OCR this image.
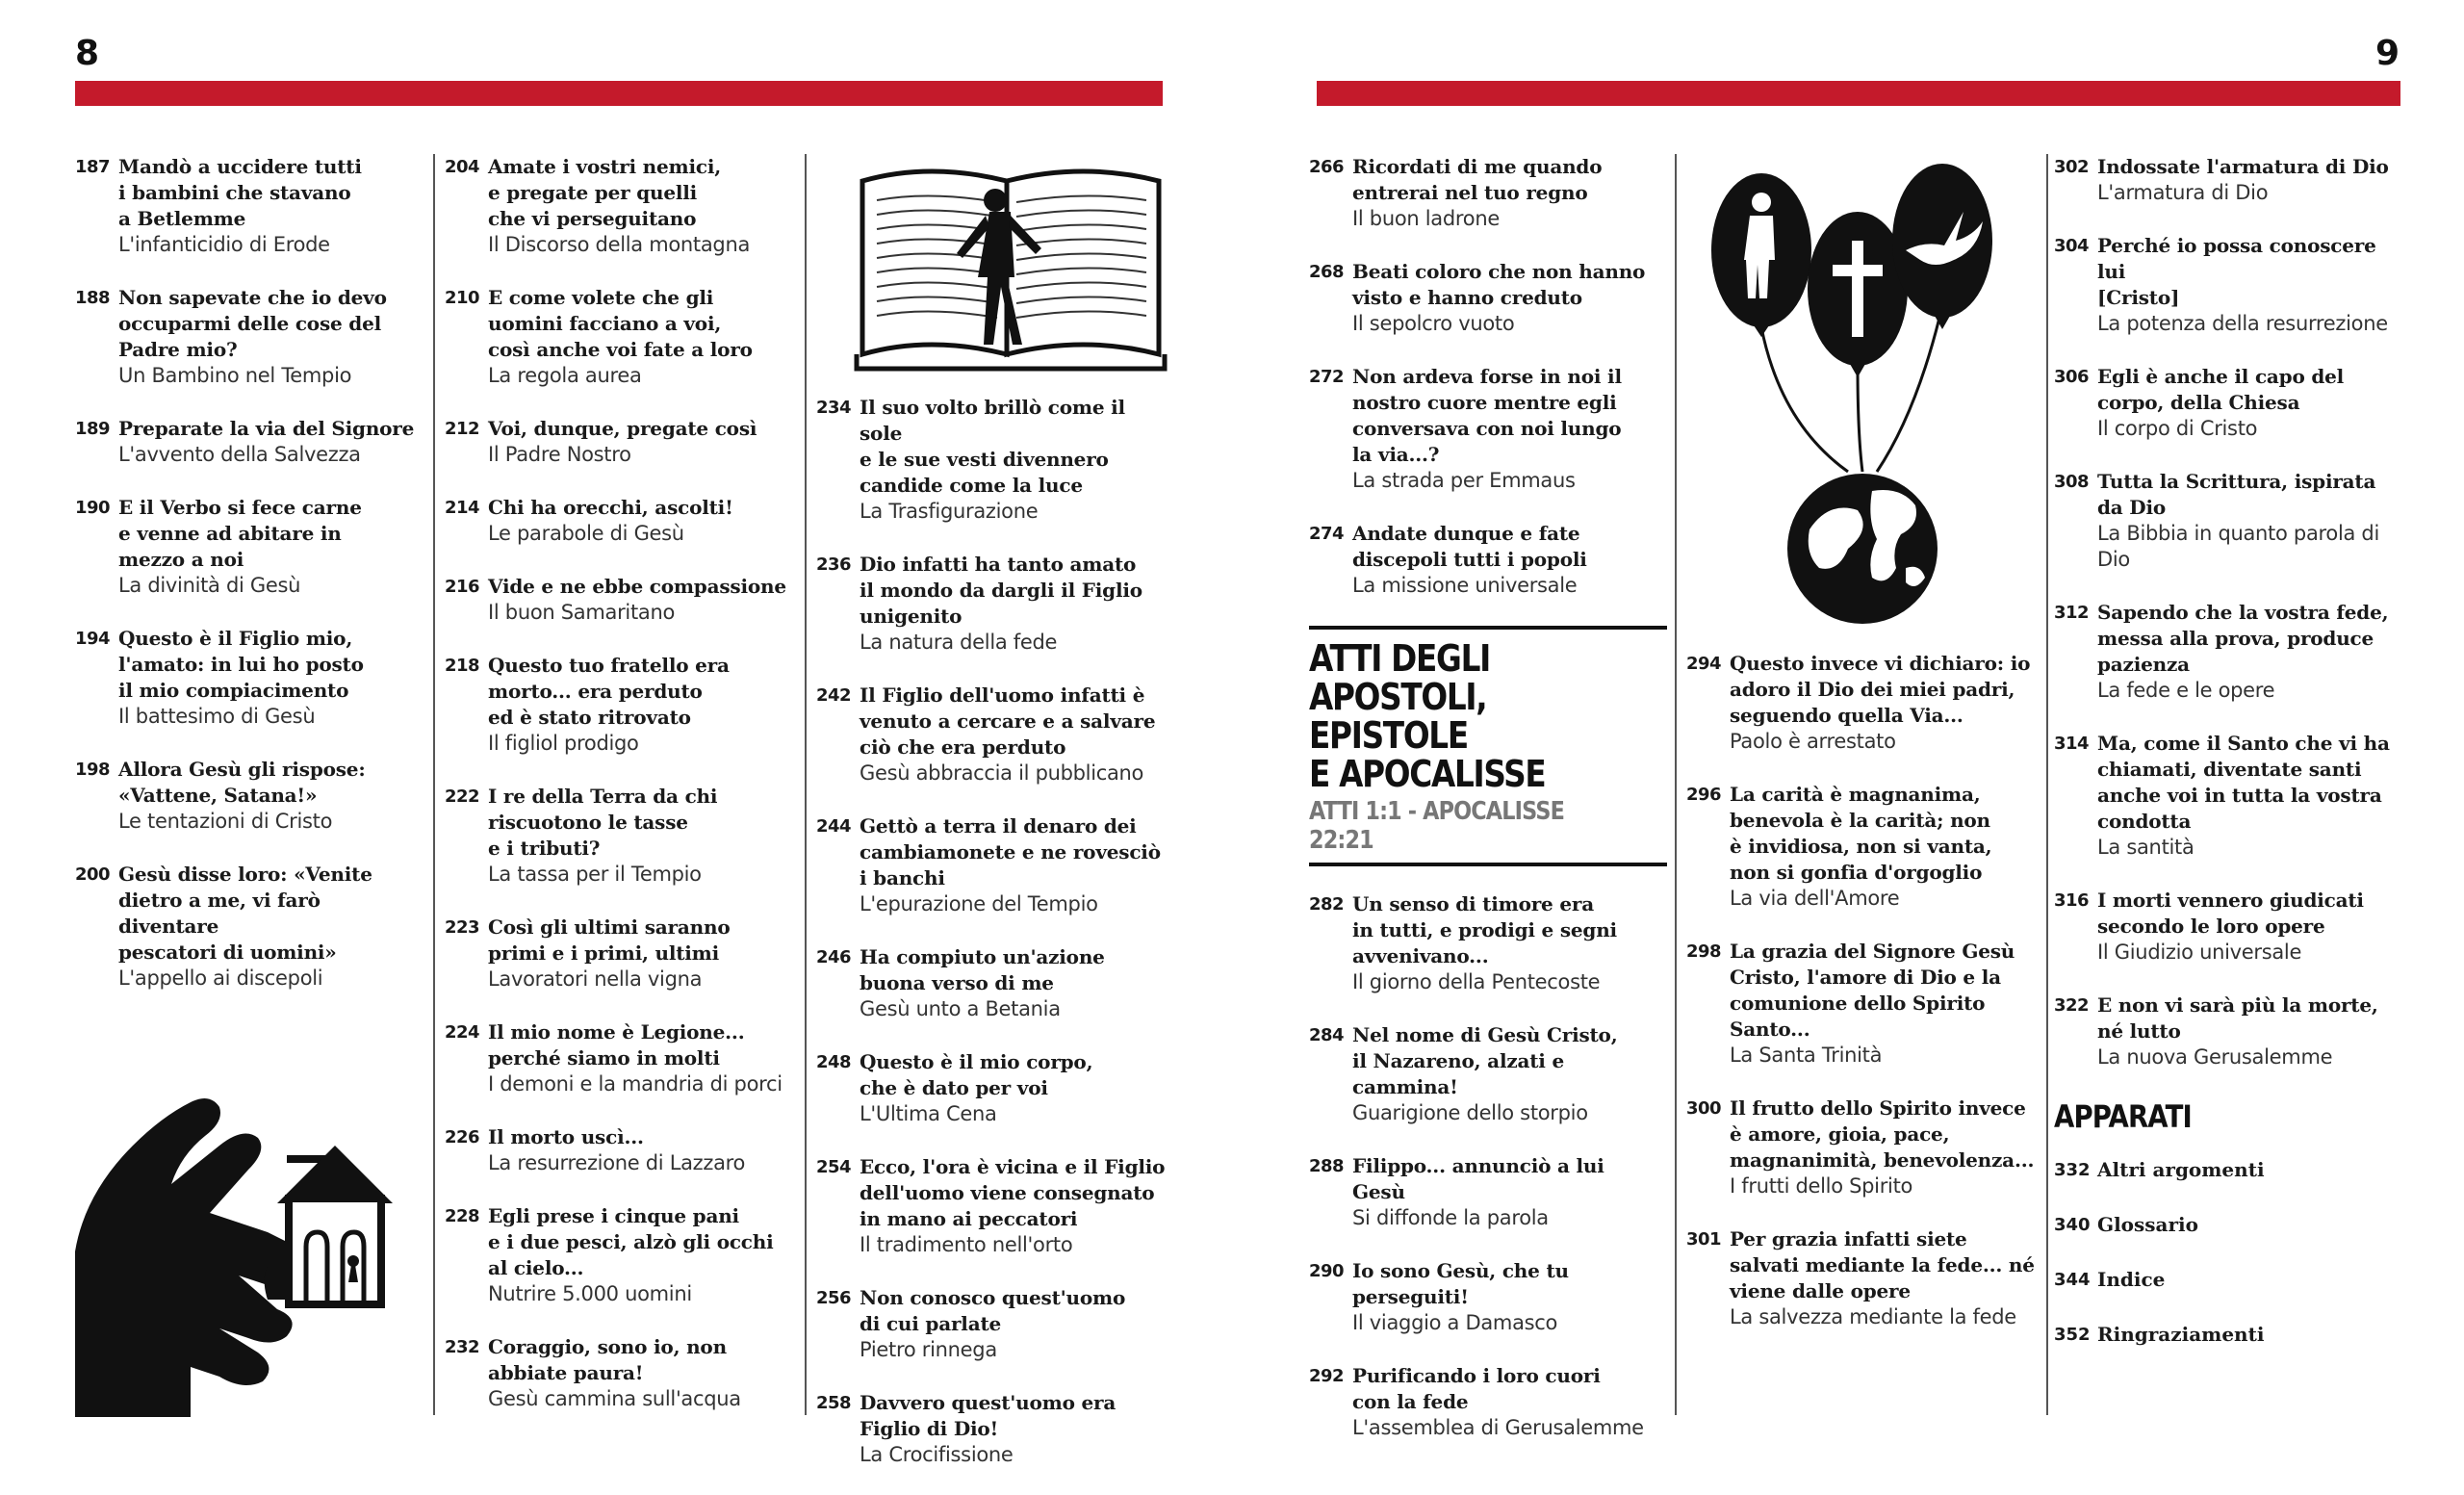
8	9
187 Mandò a uccidere tutti
i bambini che stavano
a Betlemme
L'infanticidio di Erode
188 Non sapevate che io devo
occuparmi delle cose del
Padre mio?
Un Bambino nel Tempio
189 Preparate la via del Signore
L'avvento della Salvezza
190 E il Verbo si fece carne
e venne ad abitare in
mezzo a noi
La divinità di Gesù
194 Questo è il Figlio mio,
l'amato: in lui ho posto
il mio compiacimento
Il battesimo di Gesù
198 Allora Gesù gli rispose:
«Vattene, Satana!»
Le tentazioni di Cristo
200 Gesù disse loro: «Venite
dietro a me, vi farò diventare
pescatori di uomini»
L'appello ai discepoli
204 Amate i vostri nemici,
e pregate per quelli
che vi perseguitano
Il Discorso della montagna
210 E come volete che gli
uomini facciano a voi,
così anche voi fate a loro
La regola aurea
212 Voi, dunque, pregate così
Il Padre Nostro
214 Chi ha orecchi, ascolti!
Le parabole di Gesù
216 Vide e ne ebbe compassione
Il buon Samaritano
218 Questo tuo fratello era
morto... era perduto
ed è stato ritrovato
Il figliol prodigo
222 I re della Terra da chi
riscuotono le tasse
e i tributi?
La tassa per il Tempio
223 Così gli ultimi saranno
primi e i primi, ultimi
Lavoratori nella vigna
224 Il mio nome è Legione...
perché siamo in molti
I demoni e la mandria di porci
226 Il morto uscì...
La resurrezione di Lazzaro
228 Egli prese i cinque pani
e i due pesci, alzò gli occhi
al cielo...
Nutrire 5.000 uomini
232 Coraggio, sono io, non
abbiate paura!
Gesù cammina sull'acqua
234 Il suo volto brillò come il sole
e le sue vesti divennero
candide come la luce
La Trasfigurazione
236 Dio infatti ha tanto amato
il mondo da dargli il Figlio
unigenito
La natura della fede
242 Il Figlio dell'uomo infatti è
venuto a cercare e a salvare
ciò che era perduto
Gesù abbraccia il pubblicano
244 Gettò a terra il denaro dei
cambiamonete e ne rovesciò
i banchi
L'epurazione del Tempio
246 Ha compiuto un'azione
buona verso di me
Gesù unto a Betania
248 Questo è il mio corpo,
che è dato per voi
L'Ultima Cena
254 Ecco, l'ora è vicina e il Figlio
dell'uomo viene consegnato
in mano ai peccatori
Il tradimento nell'orto
256 Non conosco quest'uomo
di cui parlate
Pietro rinnega
258 Davvero quest'uomo era
Figlio di Dio!
La Crocifissione
266 Ricordati di me quando
entrerai nel tuo regno
Il buon ladrone
268 Beati coloro che non hanno
visto e hanno creduto
Il sepolcro vuoto
272 Non ardeva forse in noi il
nostro cuore mentre egli
conversava con noi lungo
la via...?
La strada per Emmaus
274 Andate dunque e fate
discepoli tutti i popoli
La missione universale
ATTI DEGLI
APOSTOLI, EPISTOLE
E APOCALISSE
ATTI 1:1 - APOCALISSE 22:21
282 Un senso di timore era
in tutti, e prodigi e segni
avvenivano...
Il giorno della Pentecoste
284 Nel nome di Gesù Cristo,
il Nazareno, alzati e
cammina!
Guarigione dello storpio
288 Filippo... annunciò a lui
Gesù
Si diffonde la parola
290 Io sono Gesù, che tu
perseguiti!
Il viaggio a Damasco
292 Purificando i loro cuori
con la fede
L'assemblea di Gerusalemme
294 Questo invece vi dichiaro: io
adoro il Dio dei miei padri,
seguendo quella Via...
Paolo è arrestato
296 La carità è magnanima,
benevola è la carità; non
è invidiosa, non si vanta,
non si gonfia d'orgoglio
La via dell'Amore
298 La grazia del Signore Gesù
Cristo, l'amore di Dio e la
comunione dello Spirito
Santo...
La Santa Trinità
300 Il frutto dello Spirito invece
è amore, gioia, pace,
magnanimità, benevolenza...
I frutti dello Spirito
301 Per grazia infatti siete
salvati mediante la fede... né
viene dalle opere
La salvezza mediante la fede
302 Indossate l'armatura di Dio
L'armatura di Dio
304 Perché io possa conoscere lui
[Cristo]
La potenza della resurrezione
306 Egli è anche il capo del
corpo, della Chiesa
Il corpo di Cristo
308 Tutta la Scrittura, ispirata
da Dio
La Bibbia in quanto parola di
Dio
312 Sapendo che la vostra fede,
messa alla prova, produce
pazienza
La fede e le opere
314 Ma, come il Santo che vi ha
chiamati, diventate santi
anche voi in tutta la vostra
condotta
La santità
316 I morti vennero giudicati
secondo le loro opere
Il Giudizio universale
322 E non vi sarà più la morte,
né lutto
La nuova Gerusalemme
APPARATI
332 Altri argomenti
340 Glossario
344 Indice
352 Ringraziamenti
